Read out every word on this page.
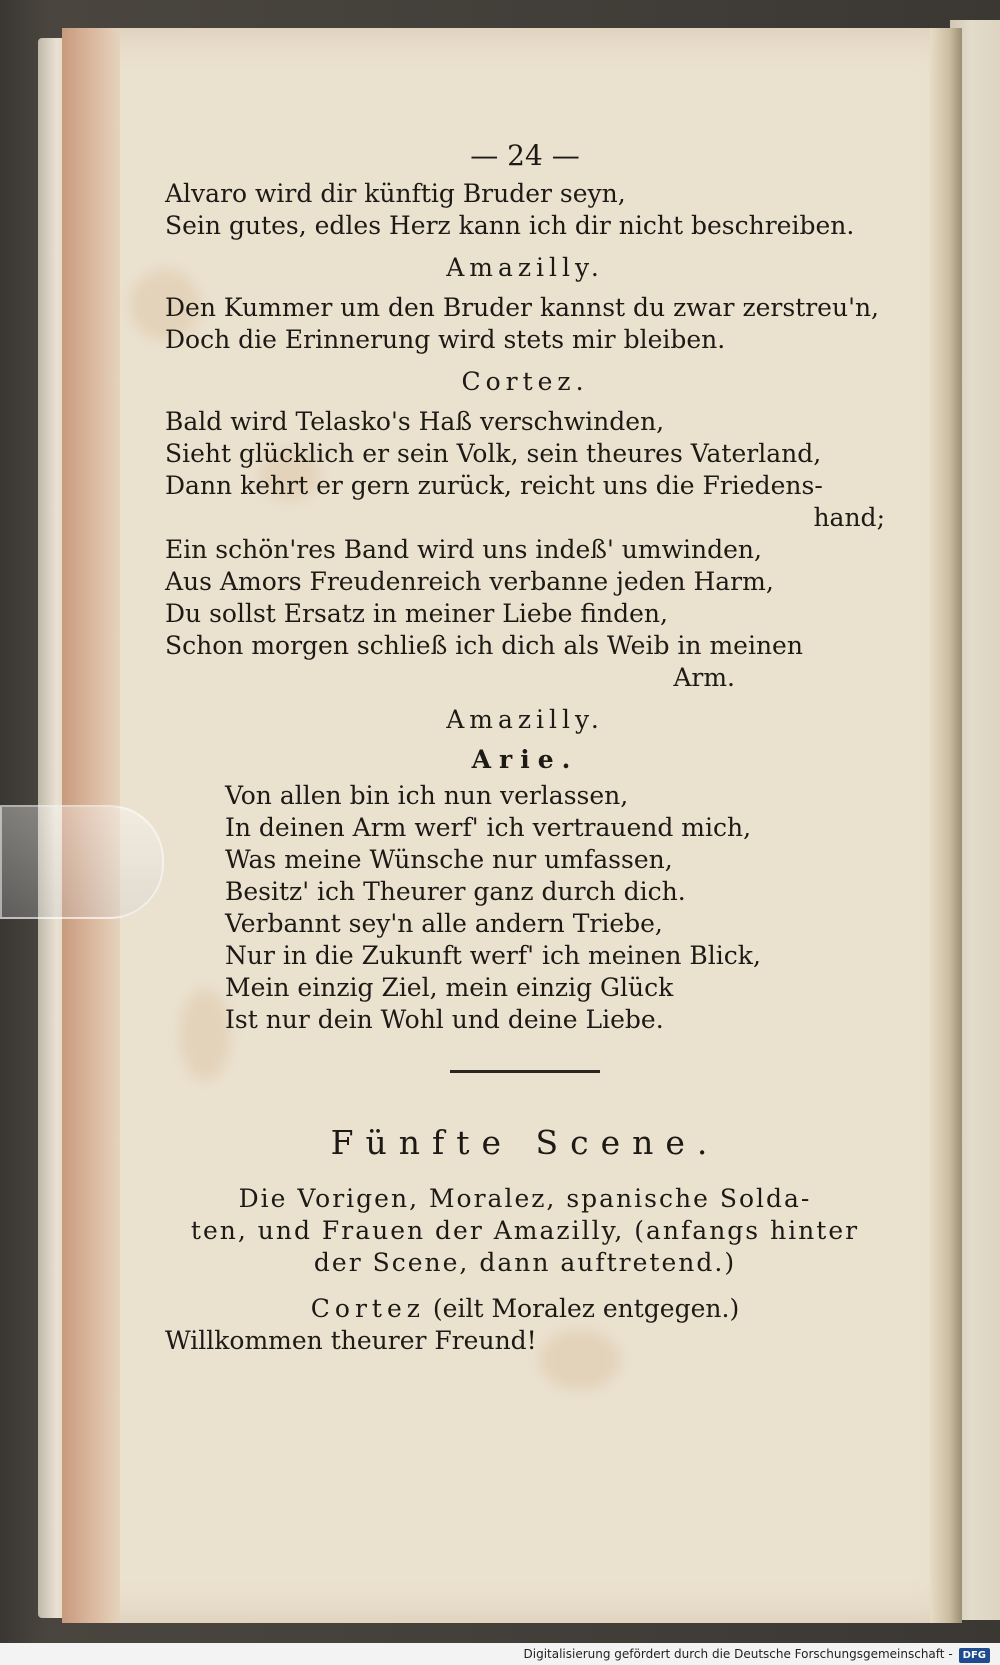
— 24 —
Alvaro wird dir künftig Bruder seyn,
Sein gutes, edles Herz kann ich dir nicht beschreiben.
Amazilly.
Den Kummer um den Bruder kannst du zwar zerstreu'n,
Doch die Erinnerung wird stets mir bleiben.
Cortez.
Bald wird Telasko's Haß verschwinden,
Sieht glücklich er sein Volk, sein theures Vaterland,
Dann kehrt er gern zurück, reicht uns die Friedens-
hand;
Ein schön'res Band wird uns indeß' umwinden,
Aus Amors Freudenreich verbanne jeden Harm,
Du sollst Ersatz in meiner Liebe finden,
Schon morgen schließ ich dich als Weib in meinen
Arm.
Amazilly.
Arie.
Von allen bin ich nun verlassen,
In deinen Arm werf' ich vertrauend mich,
Was meine Wünsche nur umfassen,
Besitz' ich Theurer ganz durch dich.
Verbannt sey'n alle andern Triebe,
Nur in die Zukunft werf' ich meinen Blick,
Mein einzig Ziel, mein einzig Glück
Ist nur dein Wohl und deine Liebe.
Fünfte Scene.
Die Vorigen, Moralez, spanische Solda-
ten, und Frauen der Amazilly, (anfangs hinter
der Scene, dann auftretend.)
Cortez (eilt Moralez entgegen.)
Willkommen theurer Freund!
Digitalisierung gefördert durch die Deutsche Forschungsgemeinschaft - DFG
